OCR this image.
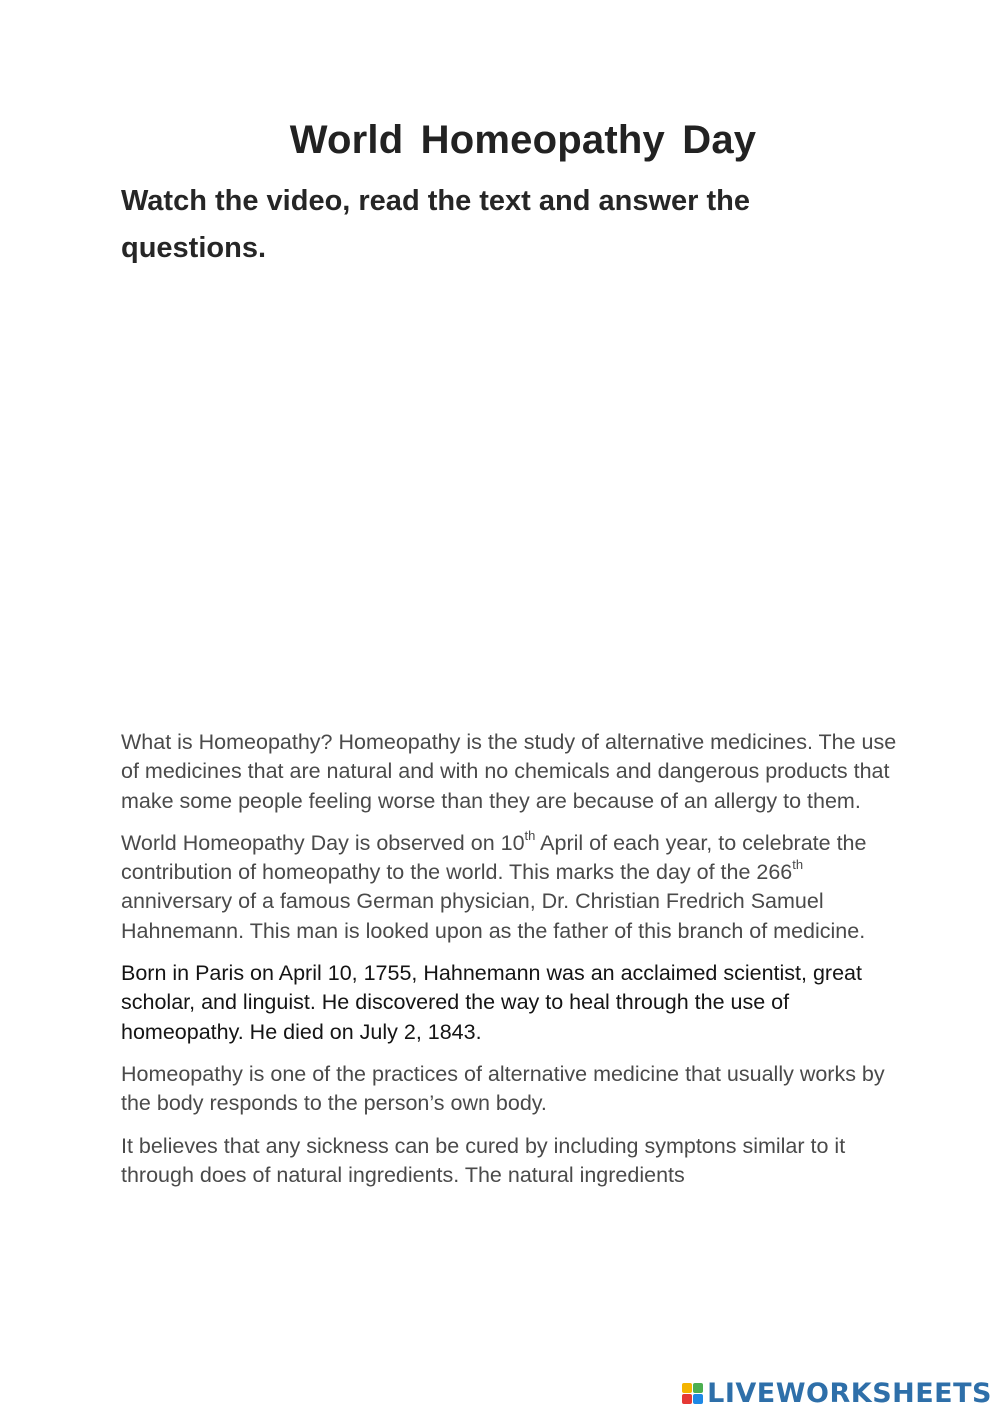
World Homeopathy Day
Watch the video, read the text and answer the questions.

What is Homeopathy? Homeopathy is the study of alternative medicines. The use of medicines that are natural and with no chemicals and dangerous products that make some people feeling worse than they are because of an allergy to them.

World Homeopathy Day is observed on 10th April of each year, to celebrate the contribution of homeopathy to the world. This marks the day of the 266th anniversary of a famous German physician, Dr. Christian Fredrich Samuel Hahnemann. This man is looked upon as the father of this branch of medicine.

Born in Paris on April 10, 1755, Hahnemann was an acclaimed scientist, great scholar, and linguist. He discovered the way to heal through the use of homeopathy. He died on July 2, 1843.

Homeopathy is one of the practices of alternative medicine that usually works by the body responds to the person’s own body.

It believes that any sickness can be cured by including symptons similar to it through does of natural ingredients. The natural ingredients

LIVEWORKSHEETS
